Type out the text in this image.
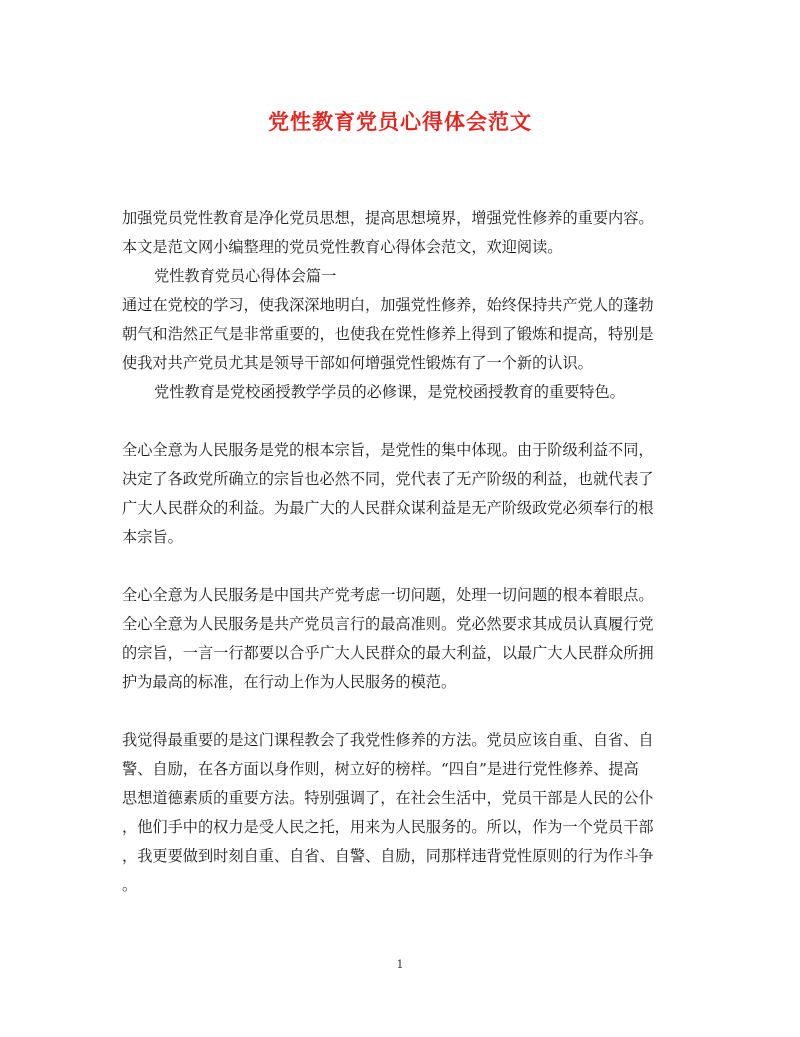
党性教育党员心得体会范文
加强党员党性教育是净化党员思想，提高思想境界，增强党性修养的重要内容。
本文是范文网小编整理的党员党性教育心得体会范文，欢迎阅读。
党性教育党员心得体会篇一
通过在党校的学习，使我深深地明白，加强党性修养，始终保持共产党人的蓬勃
朝气和浩然正气是非常重要的，也使我在党性修养上得到了锻炼和提高，特别是
使我对共产党员尤其是领导干部如何增强党性锻炼有了一个新的认识。
党性教育是党校函授教学学员的必修课，是党校函授教育的重要特色。
全心全意为人民服务是党的根本宗旨，是党性的集中体现。由于阶级利益不同，
决定了各政党所确立的宗旨也必然不同，党代表了无产阶级的利益，也就代表了
广大人民群众的利益。为最广大的人民群众谋利益是无产阶级政党必须奉行的根
本宗旨。
全心全意为人民服务是中国共产党考虑一切问题，处理一切问题的根本着眼点。
全心全意为人民服务是共产党员言行的最高准则。党必然要求其成员认真履行党
的宗旨，一言一行都要以合乎广大人民群众的最大利益，以最广大人民群众所拥
护为最高的标准，在行动上作为人民服务的模范。
我觉得最重要的是这门课程教会了我党性修养的方法。党员应该自重、自省、自
警、自励，在各方面以身作则，树立好的榜样。“四自”是进行党性修养、提高
思想道德素质的重要方法。特别强调了，在社会生活中，党员干部是人民的公仆
，他们手中的权力是受人民之托，用来为人民服务的。所以，作为一个党员干部
，我更要做到时刻自重、自省、自警、自励，同那样违背党性原则的行为作斗争
。
1
